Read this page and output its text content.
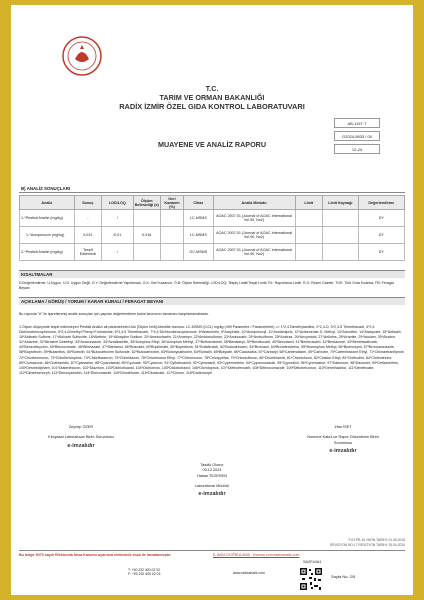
T.C.
TARIM VE ORMAN BAKANLIĞI
RADİX İZMİR ÖZEL GIDA KONTROL LABORATUVARI
AB-1197-T
G2024-8933 / 00
12-24
MUAYENE VE ANALİZ RAPORU
B) ANALİZ SONUÇLARI
Analiz	Sonuç	LOD/LOQ	Ölçüm Belirsizliği (±)	Geri Kazanım (%)	Cihaz	Analiz Metodu	Limit	Limit Kaynağı	Değerlendirme
1-*Pestisit Analizi (mg/kg)	-	/			LC-MSMS	AOAC 2007.01 (Journal of AOAC International Vol.90, No2)			DY
1-*Acequinocin (mg/kg)	0,031	/0,01	0,016		LC-MSMS	AOAC 2007.01 (Journal of AOAC International Vol.90, No2)			DY
2-*Pestisit Analizi (mg/kg)	Tespit Edilemedi	/			GC-MSMS	AOAC 2007.01 (Journal of AOAC International Vol.90, No2)			DY
KISALTMALAR
D:Değerlendirme. U:Uygun. U.D: Uygun Değil. D.Y: Değerlendirme Yapılamadı. G.K: Geri Kazanım. Ö.B: Ölçüm Belirsizliği. LOD/LOQ: Tespiş Limiti/Tespit Limiti. RL: Raporlama Limiti. R.G: Resmi Gazete. TGK: Türk Gıda Kodeksi. FB: Feragat Beyanı
AÇIKLAMA / GÖRÜŞ / YORUM / KARAR KURALI / FERAGAT BEYANI
Bu raporda "#" ile işaretlenmiş analiz sonuçları için yapılan değerlendirme kalınt tanımının tamamını karşılamamaktadır.
1.Ölçüm düşeyinde tespit edilemeyen Pestisit Analizi ait parametreleri Adı [Ölçüm limit] Atrediite durumu: LC-MSMS (0.01) mg/kg (499 Parametre / Parametreler) => 1*2,4 Dimethylaniline, 2*2,4-D, 3*2,3-5 Trimethacarb, 4*2,4 Dichlorobenzophenone, 5*2,4-Dimethyl Phenyl Formamide, 6*3,4-5 Trimethacarb, 7*4,4 Dichlorobenzophenone, 8*Abamectin, 9*Acephate, 10*Acequinocyl, 11*Acetamiprid, 12*Acibenzolar-S- Methyl, 13*Aclonifen, 14*Alaxycarb, 15*Aldicarb, 16*Aldicarb Sulfone, 17*Aldicarb Sulfoxide, 18*Alethrin, 19*Alloxydim Sodium, 20*Ametoctradin, 21*Ametryn, 22*Amidosulfuron, 23*Aminocarb, 24*Amisulbrom, 25*Amitraz, 26*Ancymidol, 27*Anilofos, 28*Aramite, 29*Asulam, 30*Atraton, 31*Atrazine, 32*Atrazine Desethyl, 33*Azaconazole, 34*Azadirachtin, 35*Azinphos Ethyl, 36*Azinphos Methyl, 37*Beflubutamid, 38*Benalaxyl, 39*Bendiocarb, 40*Benodanil, 41*Benfuracarb, 42*Bentazone, 43*Benthiavalicarb, 44*Benzobicyclon, 45*Benzoximate, 46*Bifenazate, 47*Bitertanol, 48*Boscalid, 49*Bupirimate, 50*Buprofezin, 51*Butafenacil, 52*Butocarboxim, 53*Bromacil, 54*Bromfenvinfos, 55*Bromophos Methyl, 56*Bromoxynil, 57*Bromuconazole, 58*Buprofezin, 59*Butamifos, 60*Butrolin, 61*Butocarboxim Sulfoxide, 62*Butocarboxim, 63*Butoxycarboxim, 64*Butralin, 65*Butylate, 66*Cadusafos, 67*Carbaryl, 68*Carbendazim, 69*Carboxin, 70*Carfentrazone Ethyl, 71*Chlorantraniliprole, 72*Chlorbromuron, 73*Chlorfenvinphos, 74*Chlorfluazuron, 75*Chloridazon, 76*Chlorimuron Ethyl, 77*Chloroxuron, 78*Chlorpyrifos, 79*Chlorsulfuron, 80*Chlorthiamid, 81*Chlortoluron, 82*Cinidon Ethyl, 83*Clethodim, 84*Clofentezine, 85*Clomazone, 86*Clothianidin, 87*Cyanazine, 88*Cyazofamid, 89*Cycloate, 90*Cycluron, 91*Cyflufenamid, 92*Cymoxanil, 93*Cypermethrin, 94*Cyproconazole, 95*Cyprodinil, 96*Cyromazine, 97*Daimuron, 98*Dazomet, 99*Deltamethrin, 100*Desmedipham, 101*Diafenthiuron, 102*Diazinon, 103*Dichlofluanid, 104*Dichlorvos, 105*Diclobutrazol, 106*Dicrotophos, 107*Diethofencarb, 108*Difenoconazole, 109*Diflubenzuron, 110*Dimethachlor, 111*Dimethoate, 112*Dimethomorph, 113*Dimoxystrobin, 114*Diniconazole, 115*Dinotefuran, 116*Dioxacarb, 117*Diuron, 118*Dodemorph
Zeynep ÖZER
Kimyasal Laboratuvar Birim Sorumlusu
e-imzalıdır
İrfan İSET
Numune Kabul ve Rapor Düzenleme Birim Sorumlusu
e-imzalıdır
Tasdik Olunur
05.12.2024
Hakan TEZEREN
Laboratuvar Müdürü
e-imzalıdır
F.03.PR.16 YAYIN TARİHİ: 01.06.2016
REVİZYON NO:17 REVİZYON TARİHİ: 19.04.2024
Bu belge 5070 sayılı Elektronik İmza Kanunu uyarınca elektronik imza ile imzalanmıştır.	E-İMZA DOĞRULAMA - esimza.com/radixanaliz.com
SA2F44A1
T: +90 232 400 02 02
F: +90 232 400 02 03	www.radixanaliz.com
Sayfa No: 2/5
